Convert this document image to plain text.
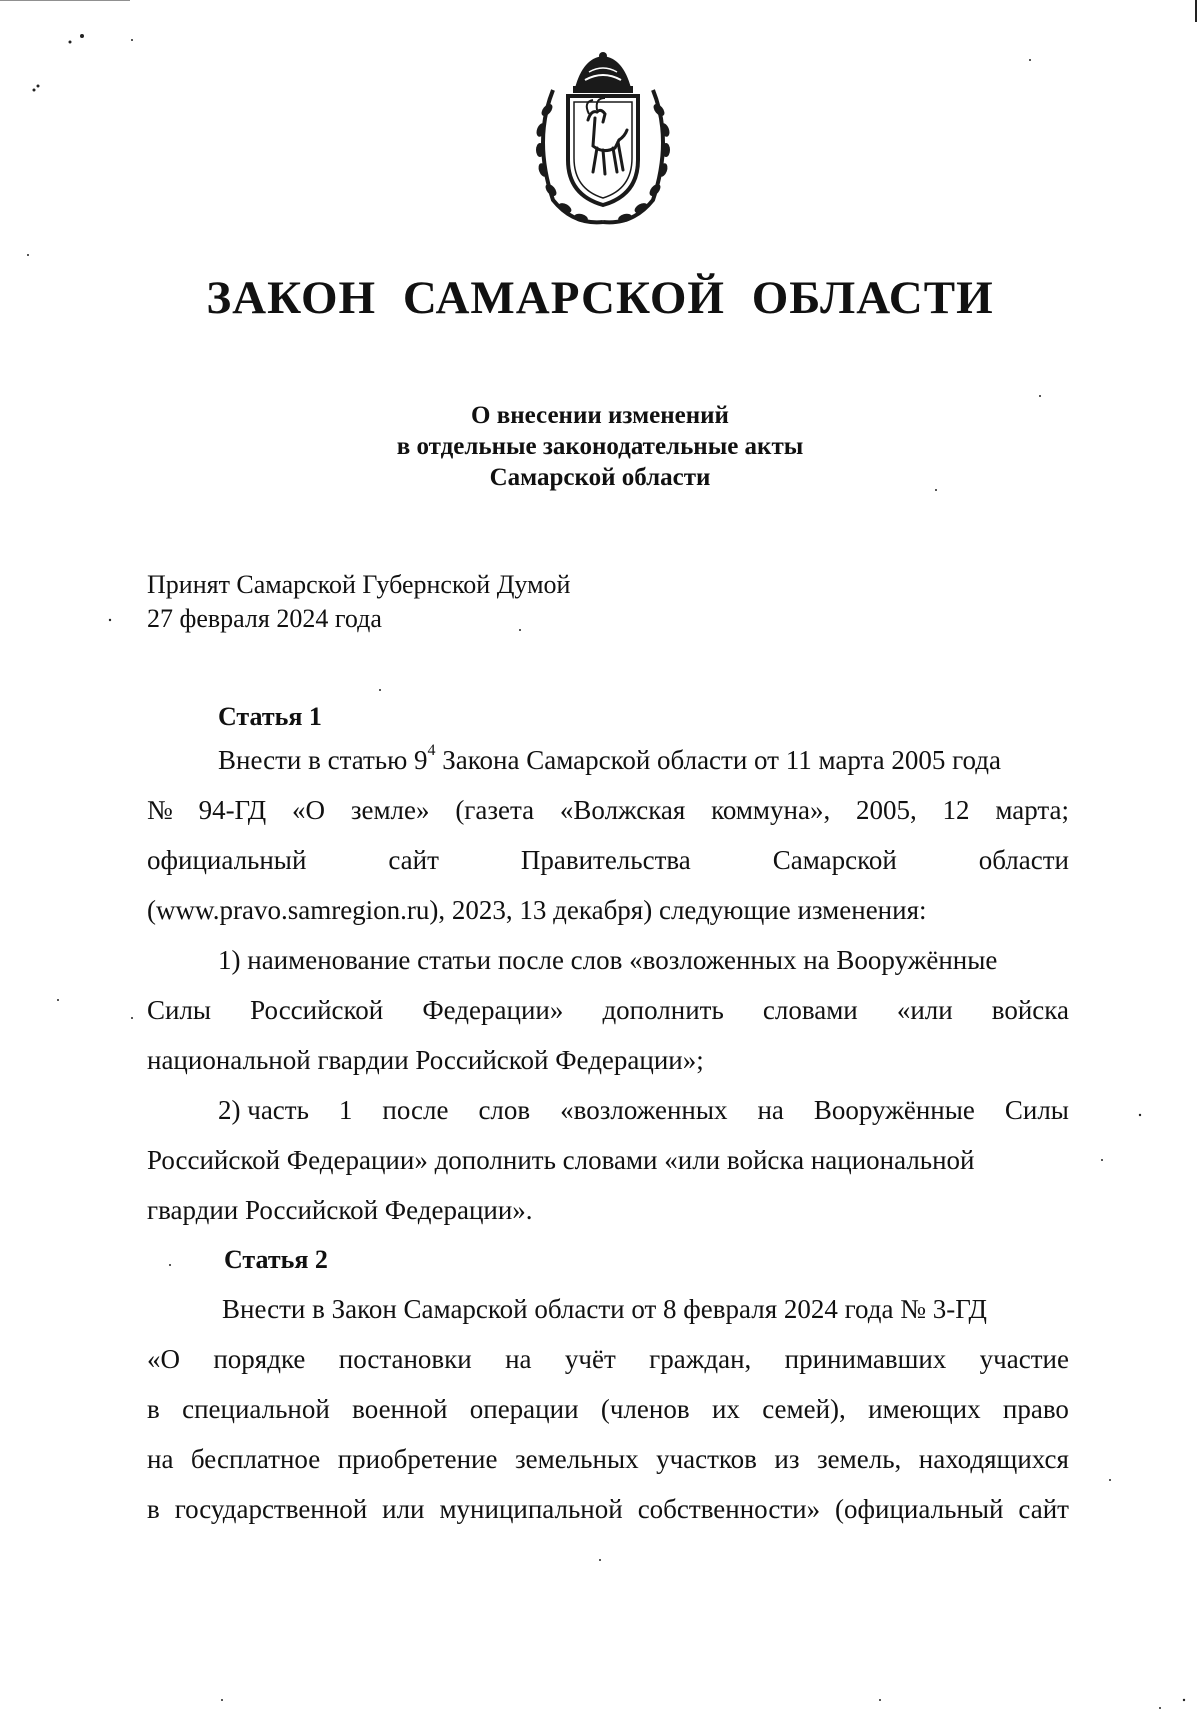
ЗАКОН САМАРСКОЙ ОБЛАСТИ
О внесении изменений
в отдельные законодательные акты
Самарской области
Принят Самарской Губернской Думой
27 февраля 2024 года
Статья 1
Внести в статью $9^4$ Закона Самарской области от 11 марта 2005 года
№ 94-ГД «О земле» (газета «Волжская коммуна», 2005, 12 марта;
официальный	сайт	Правительства	Самарской	области
(www.pravo.samregion.ru), 2023, 13 декабря) следующие изменения:
1) наименование статьи после слов «возложенных на Вооружённые
Силы Российской Федерации» дополнить словами «или войска
национальной гвардии Российской Федерации»;
2) часть 1 после слов «возложенных на Вооружённые Силы
Российской Федерации» дополнить словами «или войска национальной
гвардии Российской Федерации».
Статья 2
Внести в Закон Самарской области от 8 февраля 2024 года № 3-ГД
«О порядке постановки на учёт граждан, принимавших участие
в специальной военной операции (членов их семей), имеющих право
на бесплатное приобретение земельных участков из земель, находящихся
в государственной или муниципальной собственности» (официальный сайт
